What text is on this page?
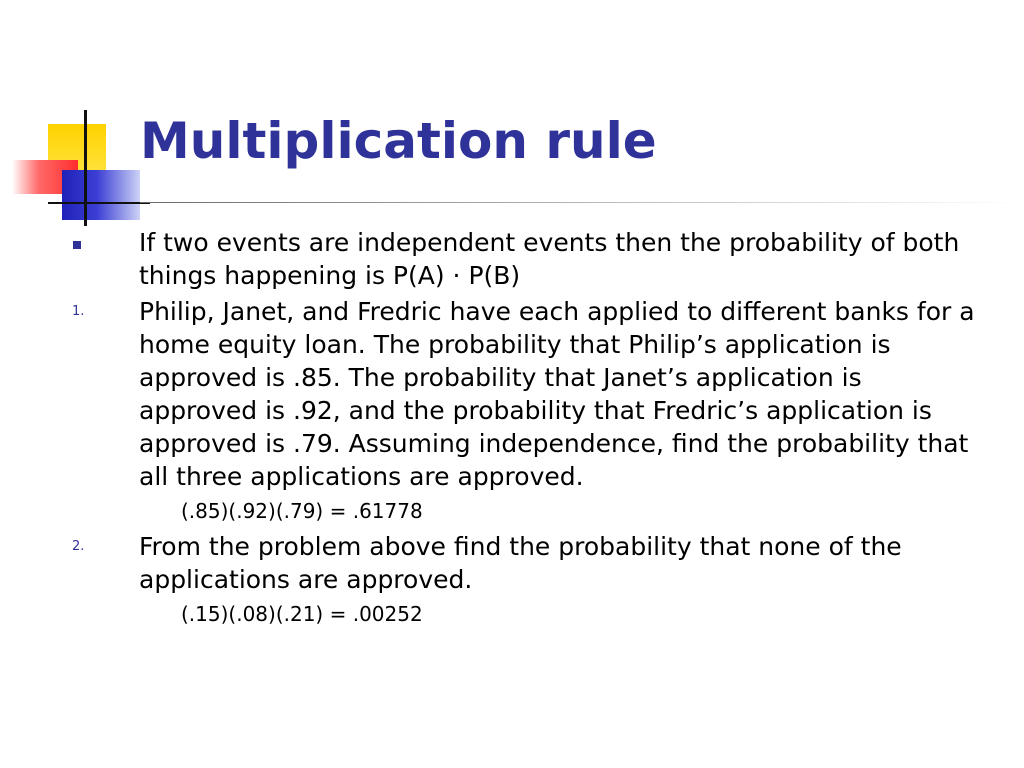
Multiplication rule
If two events are independent events then the probability of both things happening is P(A) · P(B)
1. Philip, Janet, and Fredric have each applied to different banks for a home equity loan. The probability that Philip’s application is approved is .85. The probability that Janet’s application is approved is .92, and the probability that Fredric’s application is approved is .79. Assuming independence, find the probability that all three applications are approved.
(.85)(.92)(.79) = .61778
2. From the problem above find the probability that none of the applications are approved.
(.15)(.08)(.21) = .00252
